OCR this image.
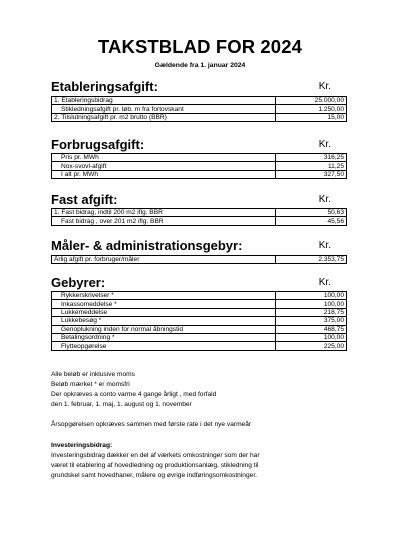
TAKSTBLAD FOR 2024
Gældende fra 1. januar 2024
Etableringsafgift:	Kr.
1. Etableringsbidrag	25.000,00
Stikledningsafgift pr. løb. m fra fortovskant	1.250,00
2. Tilslutningsafgift pr. m2 brutto (BBR)	15,00
Forbrugsafgift:	Kr.
Pris pr. MWh	316,25
Nox-svovl-afgift	11,25
I alt pr. MWh	327,50
Fast afgift:	Kr.
1. Fast bidrag, indtil 200 m2 iflg. BBR	50,63
Fast bidrag , over 201 m2 iflg. BBR	45,56
Måler- & administrationsgebyr:	Kr.
Årlig afgift pr. forbruger/måler	2.353,75
Gebyrer:	Kr.
Rykkerskrivelser *	100,00
Inkassomeddelse *	100,00
Lukkemeddelse	218,75
Lukkebesøg *	375,00
Genoplukning inden for normal åbningstid	468,75
Betalingsordning *	100,00
Flytteopgørelse	225,00

Alle beløb er inklusive moms

Beløb mærket * er momsfri

Der opkræves a conto varme 4 gange årligt , med forfald

den 1. februar, 1. maj, 1. august og 1. november

Årsopgørelsen opkræves sammen med første rate i det nye varmeår

Investeringsbidrag:

Investeringsbidrag dækker en del af værkets omkostninger som der har

været til etablering af hovedledning og produktionsanlæg, stikledning til

grundskel samt hovedhaner, målere og øvrige indføringsomkostninger.
